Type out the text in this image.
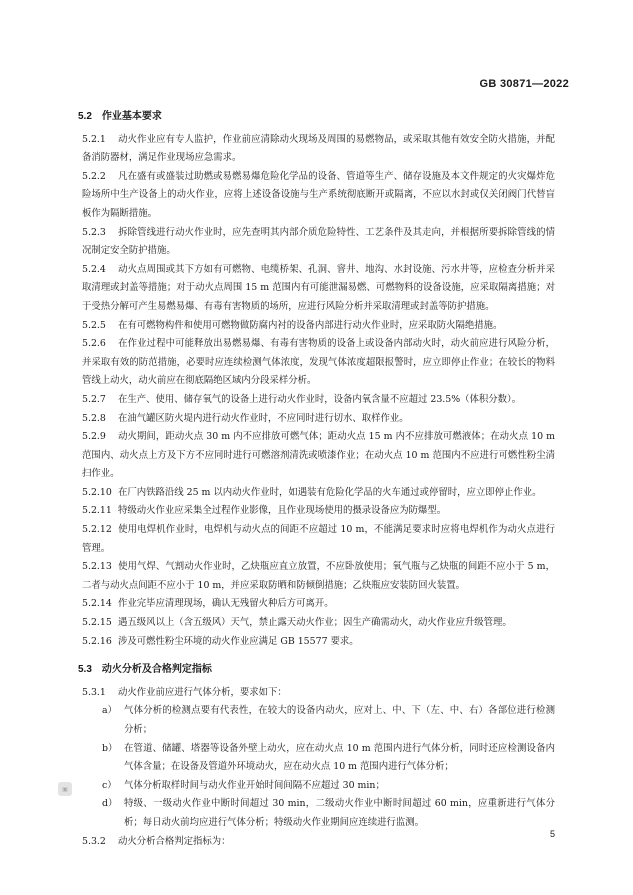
GB 30871—2022
5.2　作业基本要求

5.2.1 动火作业应有专人监护，作业前应清除动火现场及周围的易燃物品，或采取其他有效安全防火措施，并配备消防器材，满足作业现场应急需求。

5.2.2 凡在盛有或盛装过助燃或易燃易爆危险化学品的设备、管道等生产、储存设施及本文件规定的火灾爆炸危险场所中生产设备上的动火作业，应将上述设备设施与生产系统彻底断开或隔离，不应以水封或仅关闭阀门代替盲板作为隔断措施。

5.2.3 拆除管线进行动火作业时，应先查明其内部介质危险特性、工艺条件及其走向，并根据所要拆除管线的情况制定安全防护措施。

5.2.4 动火点周围或其下方如有可燃物、电缆桥架、孔洞、窨井、地沟、水封设施、污水井等，应检查分析并采取清理或封盖等措施；对于动火点周围 15 m 范围内有可能泄漏易燃、可燃物料的设备设施，应采取隔离措施；对于受热分解可产生易燃易爆、有毒有害物质的场所，应进行风险分析并采取清理或封盖等防护措施。

5.2.5 在有可燃物构件和使用可燃物做防腐内衬的设备内部进行动火作业时，应采取防火隔绝措施。

5.2.6 在作业过程中可能释放出易燃易爆、有毒有害物质的设备上或设备内部动火时，动火前应进行风险分析，并采取有效的防范措施，必要时应连续检测气体浓度，发现气体浓度超限报警时，应立即停止作业；在较长的物料管线上动火，动火前应在彻底隔绝区域内分段采样分析。

5.2.7 在生产、使用、储存氧气的设备上进行动火作业时，设备内氧含量不应超过 23.5%（体积分数）。

5.2.8 在油气罐区防火堤内进行动火作业时，不应同时进行切水、取样作业。

5.2.9 动火期间，距动火点 30 m 内不应排放可燃气体；距动火点 15 m 内不应排放可燃液体；在动火点 10 m 范围内、动火点上方及下方不应同时进行可燃溶剂清洗或喷漆作业；在动火点 10 m 范围内不应进行可燃性粉尘清扫作业。

5.2.10 在厂内铁路沿线 25 m 以内动火作业时，如遇装有危险化学品的火车通过或停留时，应立即停止作业。

5.2.11 特级动火作业应采集全过程作业影像，且作业现场使用的摄录设备应为防爆型。

5.2.12 使用电焊机作业时，电焊机与动火点的间距不应超过 10 m，不能满足要求时应将电焊机作为动火点进行管理。

5.2.13 使用气焊、气割动火作业时，乙炔瓶应直立放置，不应卧放使用；氧气瓶与乙炔瓶的间距不应小于 5 m，二者与动火点间距不应小于 10 m，并应采取防晒和防倾倒措施；乙炔瓶应安装防回火装置。

5.2.14 作业完毕应清理现场，确认无残留火种后方可离开。

5.2.15 遇五级风以上（含五级风）天气，禁止露天动火作业；因生产确需动火，动火作业应升级管理。

5.2.16 涉及可燃性粉尘环境的动火作业应满足 GB 15577 要求。

5.3　动火分析及合格判定指标

5.3.1 动火作业前应进行气体分析，要求如下：

a） 气体分析的检测点要有代表性，在较大的设备内动火，应对上、中、下（左、中、右）各部位进行检测分析；
b） 在管道、储罐、塔器等设备外壁上动火，应在动火点 10 m 范围内进行气体分析，同时还应检测设备内气体含量；在设备及管道外环境动火，应在动火点 10 m 范围内进行气体分析；
c） 气体分析取样时间与动火作业开始时间间隔不应超过 30 min；
d） 特级、一级动火作业中断时间超过 30 min，二级动火作业中断时间超过 60 min，应重新进行气体分析；每日动火前均应进行气体分析；特级动火作业期间应连续进行监测。

5.3.2 动火分析合格判定指标为：

▣
5
